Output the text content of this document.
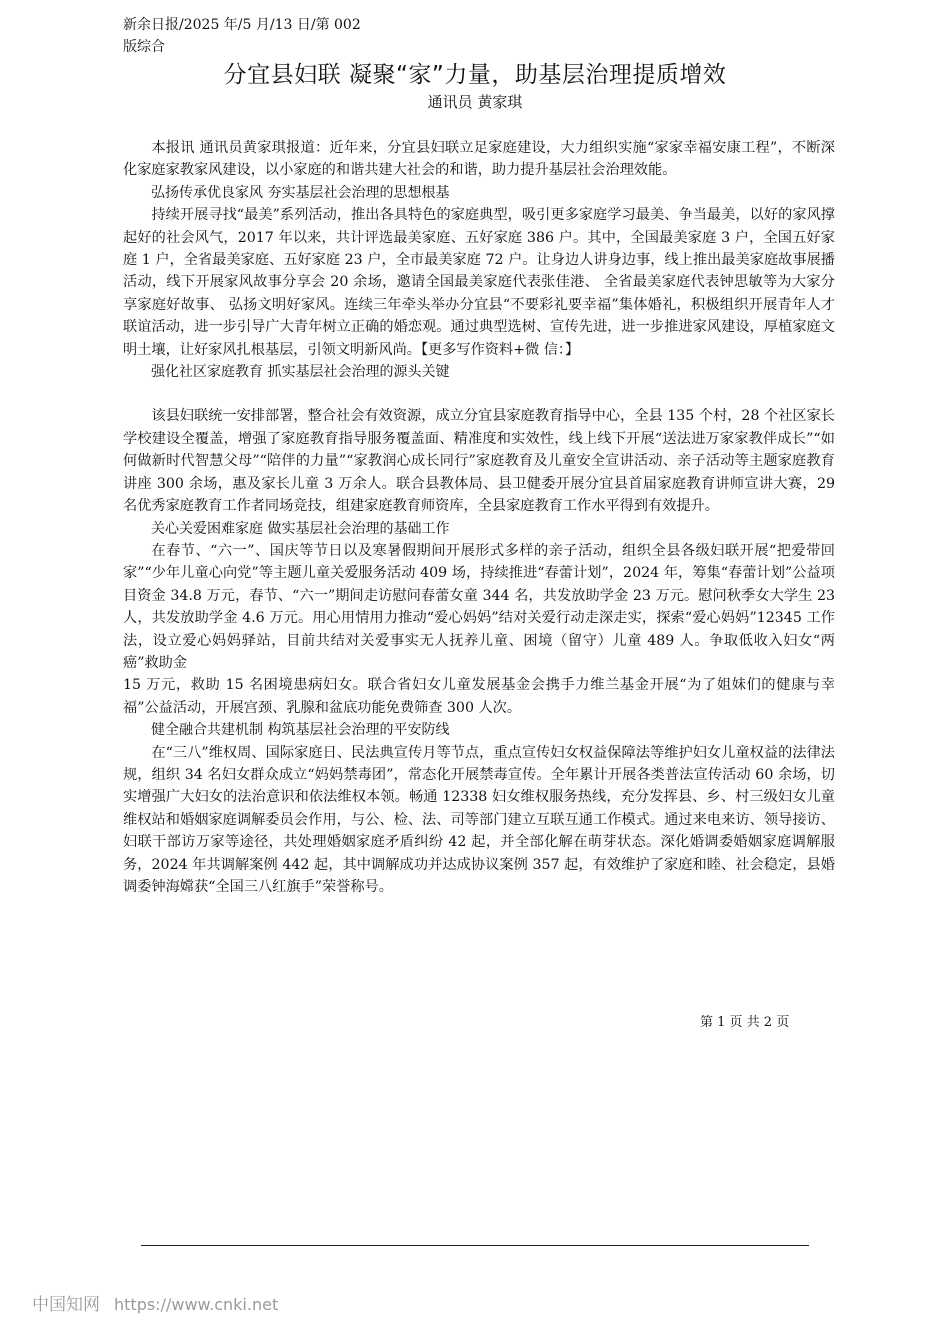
新余日报/2025 年/5 月/13 日/第 002
版综合
分宜县妇联 凝聚“家”力量，助基层治理提质增效
通讯员 黄家琪

本报讯 通讯员黄家琪报道：近年来，分宜县妇联立足家庭建设，大力组织实施“家家幸福安康工程”，不断深化家庭家教家风建设，以小家庭的和谐共建大社会的和谐，助力提升基层社会治理效能。

弘扬传承优良家风 夯实基层社会治理的思想根基

持续开展寻找“最美”系列活动，推出各具特色的家庭典型，吸引更多家庭学习最美、争当最美，以好的家风撑起好的社会风气，2017 年以来，共计评选最美家庭、五好家庭 386 户。其中，全国最美家庭 3 户，全国五好家庭 1 户，全省最美家庭、五好家庭 23 户，全市最美家庭 72 户。让身边人讲身边事，线上推出最美家庭故事展播活动，线下开展家风故事分享会 20 余场，邀请全国最美家庭代表张佳港、 全省最美家庭代表钟思敏等为大家分享家庭好故事、 弘扬文明好家风。连续三年牵头举办分宜县“不要彩礼要幸福”集体婚礼，积极组织开展青年人才联谊活动，进一步引导广大青年树立正确的婚恋观。通过典型选树、宣传先进，进一步推进家风建设，厚植家庭文明土壤，让好家风扎根基层，引领文明新风尚。【更多写作资料+微 信：】

强化社区家庭教育 抓实基层社会治理的源头关键

该县妇联统一安排部署，整合社会有效资源，成立分宜县家庭教育指导中心，全县 135 个村，28 个社区家长学校建设全覆盖，增强了家庭教育指导服务覆盖面、精准度和实效性，线上线下开展“送法进万家家教伴成长”“如何做新时代智慧父母”“陪伴的力量”“家教润心成长同行”家庭教育及儿童安全宣讲活动、亲子活动等主题家庭教育讲座 300 余场，惠及家长儿童 3 万余人。联合县教体局、县卫健委开展分宜县首届家庭教育讲师宣讲大赛，29 名优秀家庭教育工作者同场竞技，组建家庭教育师资库，全县家庭教育工作水平得到有效提升。

关心关爱困难家庭 做实基层社会治理的基础工作

在春节、“六一”、国庆等节日以及寒暑假期间开展形式多样的亲子活动，组织全县各级妇联开展“把爱带回家”“少年儿童心向党”等主题儿童关爱服务活动 409 场，持续推进“春蕾计划”，2024 年，筹集“春蕾计划”公益项目资金 34.8 万元，春节、“六一”期间走访慰问春蕾女童 344 名，共发放助学金 23 万元。慰问秋季女大学生 23 人，共发放助学金 4.6 万元。用心用情用力推动“爱心妈妈”结对关爱行动走深走实，探索“爱心妈妈”12345 工作法，设立爱心妈妈驿站，目前共结对关爱事实无人抚养儿童、困境（留守）儿童 489 人。争取低收入妇女“两癌”救助金

15 万元，救助 15 名困境患病妇女。联合省妇女儿童发展基金会携手力维兰基金开展“为了姐妹们的健康与幸福”公益活动，开展宫颈、乳腺和盆底功能免费筛查 300 人次。

健全融合共建机制 构筑基层社会治理的平安防线

在“三八”维权周、国际家庭日、民法典宣传月等节点，重点宣传妇女权益保障法等维护妇女儿童权益的法律法规，组织 34 名妇女群众成立“妈妈禁毒团”，常态化开展禁毒宣传。全年累计开展各类普法宣传活动 60 余场，切实增强广大妇女的法治意识和依法维权本领。畅通 12338 妇女维权服务热线，充分发挥县、乡、村三级妇女儿童维权站和婚姻家庭调解委员会作用，与公、检、法、司等部门建立互联互通工作模式。通过来电来访、领导接访、妇联干部访万家等途径，共处理婚姻家庭矛盾纠纷 42 起，并全部化解在萌芽状态。深化婚调委婚姻家庭调解服务，2024 年共调解案例 442 起，其中调解成功并达成协议案例 357 起，有效维护了家庭和睦、社会稳定，县婚调委钟海嫦获“全国三八红旗手”荣誉称号。

第 1 页 共 2 页
中国知网 https://www.cnki.net
